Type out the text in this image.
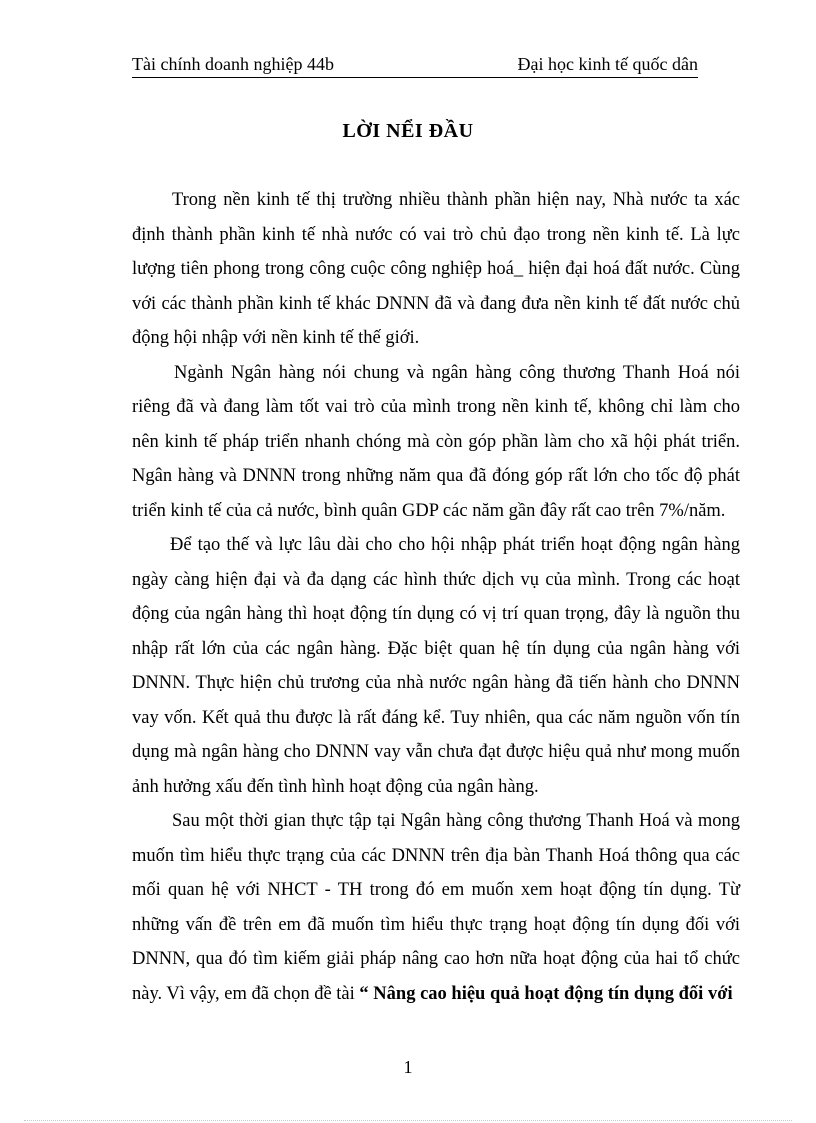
Tài chính doanh nghiệp 44b	Đại học kinh tế quốc dân
LỜI NỂI ĐẦU

Trong nền kinh tế thị trường nhiều thành phần hiện nay, Nhà nước ta xác định thành phần kinh tế nhà nước có vai trò chủ đạo trong nền kinh tế. Là lực lượng tiên phong trong công cuộc công nghiệp hoá_ hiện đại hoá đất nước. Cùng với các thành phần kinh tế khác DNNN đã và đang đưa nền kinh tế đất nước chủ động hội nhập với nền kinh tế thế giới.

Ngành Ngân hàng nói chung và ngân hàng công thương Thanh Hoá nói riêng đã và đang làm tốt vai trò của mình trong nền kinh tế, không chỉ làm cho nên kinh tế pháp triển nhanh chóng mà còn góp phần làm cho xã hội phát triển. Ngân hàng và DNNN trong những năm qua đã đóng góp rất lớn cho tốc độ phát triển kinh tế của cả nước, bình quân GDP các năm gần đây rất cao trên 7%/năm.

Để tạo thế và lực lâu dài cho cho hội nhập phát triển hoạt động ngân hàng ngày càng hiện đại và đa dạng các hình thức dịch vụ của mình. Trong các hoạt động của ngân hàng thì hoạt động tín dụng có vị trí quan trọng, đây là nguồn thu nhập rất lớn của các ngân hàng. Đặc biệt quan hệ tín dụng của ngân hàng với DNNN. Thực hiện chủ trương của nhà nước ngân hàng đã tiến hành cho DNNN vay vốn. Kết quả thu được là rất đáng kể. Tuy nhiên, qua các năm nguồn vốn tín dụng mà ngân hàng cho DNNN vay vẫn chưa đạt được hiệu quả như mong muốn ảnh hưởng xấu đến tình hình hoạt động của ngân hàng.

Sau một thời gian thực tập tại Ngân hàng công thương Thanh Hoá và mong muốn tìm hiểu thực trạng của các DNNN trên địa bàn Thanh Hoá thông qua các mối quan hệ với NHCT - TH trong đó em muốn xem hoạt động tín dụng. Từ những vấn đề trên em đã muốn tìm hiểu thực trạng hoạt động tín dụng đối với DNNN, qua đó tìm kiếm giải pháp nâng cao hơn nữa hoạt động của hai tổ chức này. Vì vậy, em đã chọn đề tài “ Nâng cao hiệu quả hoạt động tín dụng đối với

1
